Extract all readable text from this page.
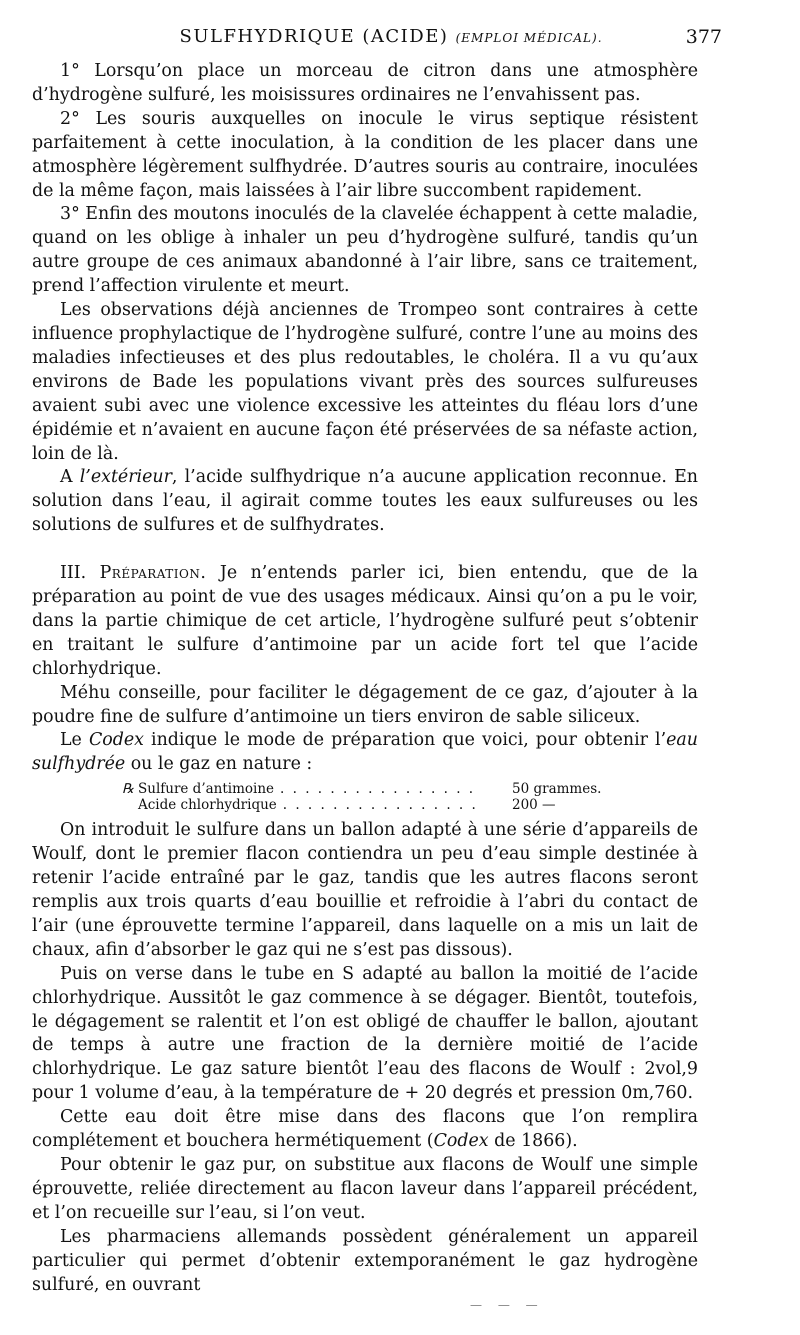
SULFHYDRIQUE (ACIDE) (EMPLOI MÉDICAL).	377

1° Lorsqu’on place un morceau de citron dans une atmosphère d’hydrogène sulfuré, les moisissures ordinaires ne l’envahissent pas.

2° Les souris auxquelles on inocule le virus septique résistent parfaitement à cette inoculation, à la condition de les placer dans une atmosphère légèrement sulfhydrée. D’autres souris au contraire, inoculées de la même façon, mais laissées à l’air libre succombent rapidement.

3° Enfin des moutons inoculés de la clavelée échappent à cette maladie, quand on les oblige à inhaler un peu d’hydrogène sulfuré, tandis qu’un autre groupe de ces animaux abandonné à l’air libre, sans ce traitement, prend l’affection virulente et meurt.

Les observations déjà anciennes de Trompeo sont contraires à cette influence prophylactique de l’hydrogène sulfuré, contre l’une au moins des maladies infectieuses et des plus redoutables, le choléra. Il a vu qu’aux environs de Bade les populations vivant près des sources sulfureuses avaient subi avec une violence excessive les atteintes du fléau lors d’une épidémie et n’avaient en aucune façon été préservées de sa néfaste action, loin de là.

A l’extérieur, l’acide sulfhydrique n’a aucune application reconnue. En solution dans l’eau, il agirait comme toutes les eaux sulfureuses ou les solutions de sulfures et de sulfhydrates.

III. Préparation. Je n’entends parler ici, bien entendu, que de la préparation au point de vue des usages médicaux. Ainsi qu’on a pu le voir, dans la partie chimique de cet article, l’hydrogène sulfuré peut s’obtenir en traitant le sulfure d’antimoine par un acide fort tel que l’acide chlorhydrique.

Méhu conseille, pour faciliter le dégagement de ce gaz, d’ajouter à la poudre fine de sulfure d’antimoine un tiers environ de sable siliceux.

Le Codex indique le mode de préparation que voici, pour obtenir l’eau sulfhydrée ou le gaz en nature :

℞ Sulfure d’antimoine . . . . . . . . . . . . . . . .	50 grammes.
Acide chlorhydrique . . . . . . . . . . . . . . . .	200 —

On introduit le sulfure dans un ballon adapté à une série d’appareils de Woulf, dont le premier flacon contiendra un peu d’eau simple destinée à retenir l’acide entraîné par le gaz, tandis que les autres flacons seront remplis aux trois quarts d’eau bouillie et refroidie à l’abri du contact de l’air (une éprouvette termine l’appareil, dans laquelle on a mis un lait de chaux, afin d’absorber le gaz qui ne s’est pas dissous).

Puis on verse dans le tube en S adapté au ballon la moitié de l’acide chlorhydrique. Aussitôt le gaz commence à se dégager. Bientôt, toutefois, le dégagement se ralentit et l’on est obligé de chauffer le ballon, ajoutant de temps à autre une fraction de la dernière moitié de l’acide chlorhydrique. Le gaz sature bientôt l’eau des flacons de Woulf : 2vol,9 pour 1 volume d’eau, à la température de + 20 degrés et pression 0m,760.

Cette eau doit être mise dans des flacons que l’on remplira complétement et bouchera hermétiquement (Codex de 1866).

Pour obtenir le gaz pur, on substitue aux flacons de Woulf une simple éprouvette, reliée directement au flacon laveur dans l’appareil précédent, et l’on recueille sur l’eau, si l’on veut.

Les pharmaciens allemands possèdent généralement un appareil particulier qui permet d’obtenir extemporanément le gaz hydrogène sulfuré, en ouvrant

— — —
